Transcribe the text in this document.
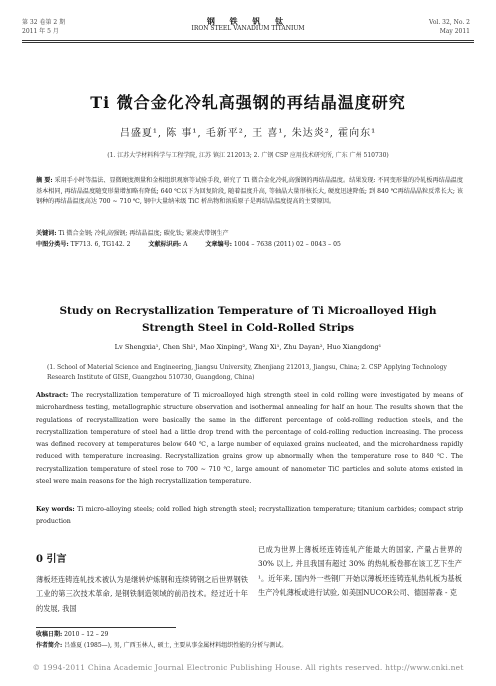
第 32 卷第 2 期
2011 年 5 月
钢 铁 钒 钛
IRON STEEL VANADIUM TITANIUM
Vol. 32, No. 2
May 2011
Ti 微合金化冷轧高强钢的再结晶温度研究
吕盛夏¹, 陈 事¹, 毛新平², 王 喜¹, 朱达炎², 霍向东¹
(1. 江苏大学材料科学与工程学院, 江苏 镇江 212013; 2. 广钢 CSP 应用技术研究所, 广东 广州 510730)
摘 要: 采用手小时等温法、显微硬度测量和金相组织观察等试验手段, 研究了 Ti 微合金化冷轧高强钢的再结晶温度。结果发现: 不同变形量的冷轧板再结晶温度基本相同, 再结晶温度随变形量增加略有降低; 640 ℃以下为回复阶段, 随着温度升高, 等轴晶大量形核长大, 硬度迅速降低; 到 840 ℃再结晶晶粒反常长大; 该钢种的再结晶温度高达 700 ~ 710 ℃, 钢中大量纳米级 TiC 析出物和溶质原子是再结晶温度提高的主要原因。
关键词: Ti 微合金钢; 冷轧高强钢; 再结晶温度; 碳化钛; 紧凑式带钢生产
中图分类号: TF713. 6, TG142. 2	文献标识码: A	文章编号: 1004 – 7638 (2011) 02 – 0043 – 05
Study on Recrystallization Temperature of Ti Microalloyed High
Strength Steel in Cold-Rolled Strips
Lv Shengxia¹, Chen Shi¹, Mao Xinping², Wang Xi¹, Zhu Dayan², Huo Xiangdong¹
(1. School of Material Science and Engineering, Jiangsu University, Zhenjiang 212013, Jiangsu, China; 2. CSP Applying Technology Research Institute of GISE, Guangzhou 510730, Guangdong, China)
Abstract: The recrystallization temperature of Ti microalloyed high strength steel in cold rolling were investigated by means of microhardness testing, metallographic structure observation and isothermal annealing for half an hour. The results shown that the regulations of recrystallization were basically the same in the different percentage of cold-rolling reduction steels, and the recrystallization temperature of steel had a little drop trend with the percentage of cold-rolling reduction increasing. The process was defined recovery at temperatures below 640 ℃, a large number of equiaxed grains nucleated, and the microhardness rapidly reduced with temperature increasing. Recrystallization grains grow up abnormally when the temperature rose to 840 ℃. The recrystallization temperature of steel rose to 700 ~ 710 ℃, large amount of nanometer TiC particles and solute atoms existed in steel were main reasons for the high recrystallization temperature.
Key words: Ti micro-alloying steels; cold rolled high strength steel; recrystallization temperature; titanium carbides; compact strip production
0 引言
薄板坯连铸连轧技术被认为是继转炉炼钢和连续铸钢之后世界钢铁工业的第三次技术革命, 是钢铁制造领域的前沿技术。经过近十年的发展, 我国
已成为世界上薄板坯连铸连轧产能最大的国家, 产量占世界的 30% 以上, 并且我国有超过 30% 的热轧板卷都在该工艺下生产¹。近年来, 国内外一些钢厂开始以薄板坯连铸连轧热轧板为基板生产冷轧薄板或进行试验, 如美国NUCOR公司、德国蒂森 - 克
收稿日期: 2010 – 12 – 29
作者简介: 吕盛夏 (1985—), 男, 广西玉林人, 硕士, 主要从事金属材料组织性能的分析与测试。
© 1994-2011 China Academic Journal Electronic Publishing House. All rights reserved. http://www.cnki.net
